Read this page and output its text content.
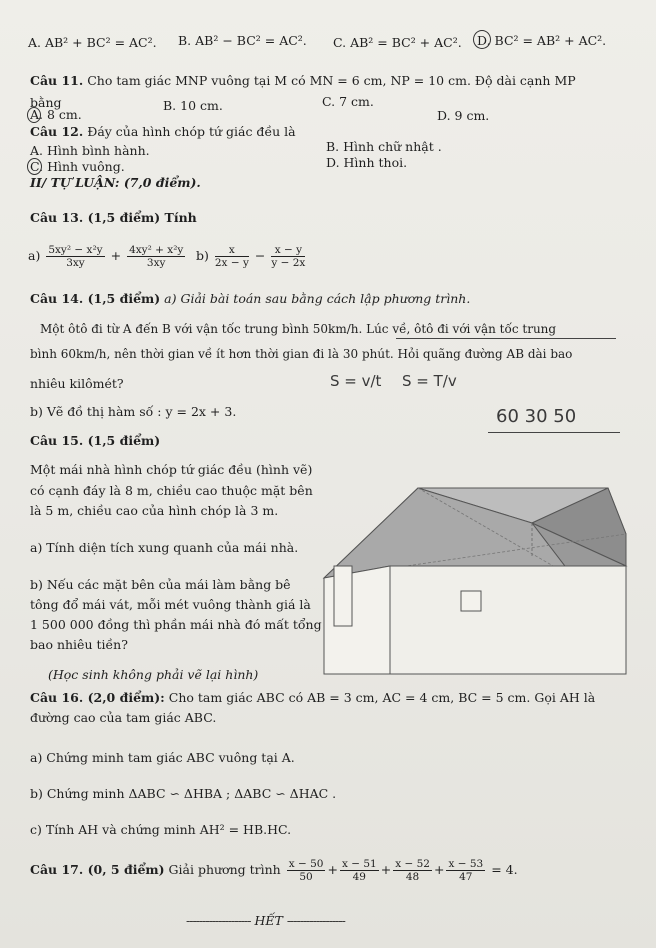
A. AB² + BC² = AC². B. AB² − BC² = AC². C. AB² = BC² + AC². D. BC² = AB² + AC².
Câu 11. Cho tam giác MNP vuông tại M có MN = 6 cm, NP = 10 cm. Độ dài cạnh MP
bằng
A. 8 cm.
B. 10 cm.	C. 7 cm.
D. 9 cm.
Câu 12. Đáy của hình chóp tứ giác đều là
A. Hình bình hành.	B. Hình chữ nhật .
C. Hình vuông.	D. Hình thoi.
II/ TỰ LUẬN: (7,0 điểm).
Câu 13. (1,5 điểm) Tính
$a) \frac{\text{5xy² − x²y}}{3xy} + \frac{\text{4xy² + x²y}}{3xy} b) \frac{x}{2x - y} - \frac{x - y}{y - 2x}$
Câu 14. (1,5 điểm) a) Giải bài toán sau bằng cách lập phương trình.
Một ôtô đi từ A đến B với vận tốc trung bình 50km/h. Lúc về, ôtô đi với vận tốc trung
bình 60km/h, nên thời gian về ít hơn thời gian đi là 30 phút. Hỏi quãng đường AB dài bao
nhiêu kilômét?
b) Vẽ đồ thị hàm số : y = 2x + 3.
S = v/t S = T/v
60 30 50
Câu 15. (1,5 điểm)
Một mái nhà hình chóp tứ giác đều (hình vẽ)
có cạnh đáy là 8 m, chiều cao thuộc mặt bên
là 5 m, chiều cao của hình chóp là 3 m.
a) Tính diện tích xung quanh của mái nhà.
b) Nếu các mặt bên của mái làm bằng bê
tông đổ mái vát, mỗi mét vuông thành giá là
1 500 000 đồng thì phần mái nhà đó mất tổng
bao nhiêu tiền?
(Học sinh không phải vẽ lại hình)
Câu 16. (2,0 điểm): Cho tam giác ABC có AB = 3 cm, AC = 4 cm, BC = 5 cm. Gọi AH là
đường cao của tam giác ABC.
a) Chứng minh tam giác ABC vuông tại A.
b) Chứng minh ΔABC ∽ ΔHBA ; ΔABC ∽ ΔHAC .
c) Tính AH và chứng minh AH² = HB.HC.
Câu 17. (0, 5 điểm) Giải phương trình $\frac{x - 50}{50} + \frac{x - 51}{49} + \frac{x - 52}{48} + \frac{x - 53}{47} = 4$.
-------------------- HẾT ------------------
